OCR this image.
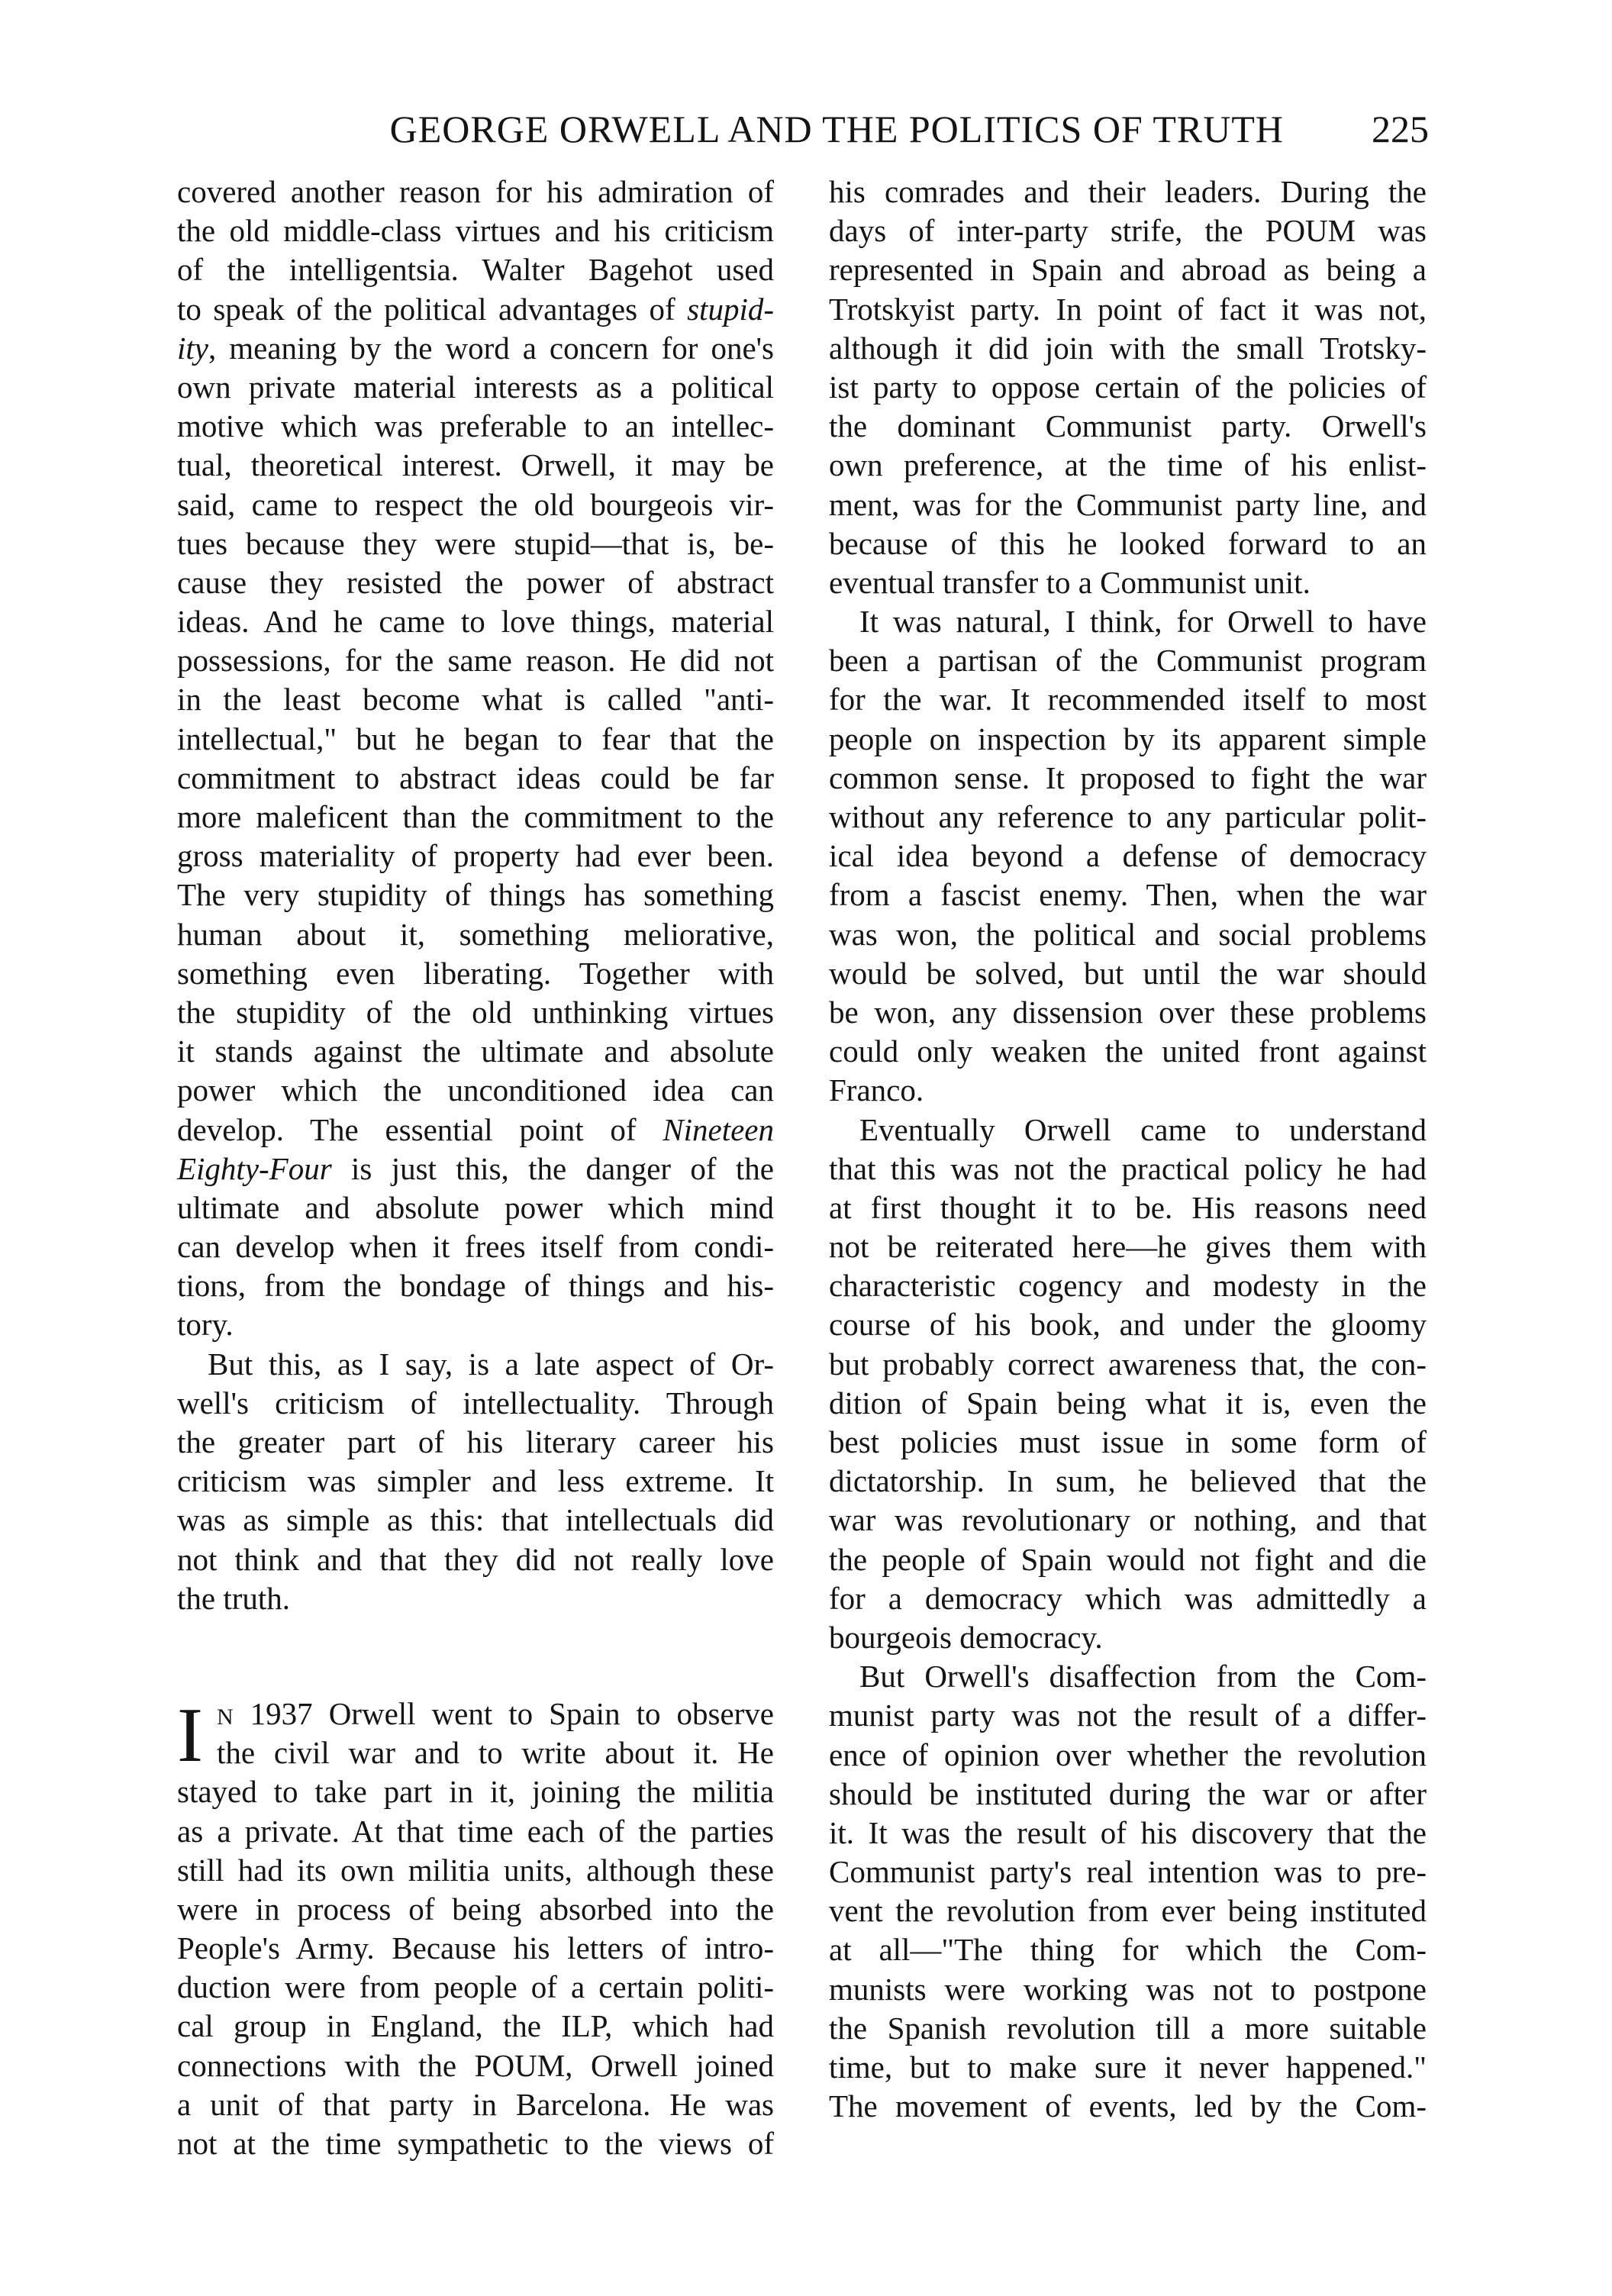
GEORGE ORWELL AND THE POLITICS OF TRUTH 225
covered another reason for his admiration of
the old middle-class virtues and his criticism
of the intelligentsia. Walter Bagehot used
to speak of the political advantages of stupid-
ity, meaning by the word a concern for one's
own private material interests as a political
motive which was preferable to an intellec-
tual, theoretical interest. Orwell, it may be
said, came to respect the old bourgeois vir-
tues because they were stupid—that is, be-
cause they resisted the power of abstract
ideas. And he came to love things, material
possessions, for the same reason. He did not
in the least become what is called "anti-
intellectual," but he began to fear that the
commitment to abstract ideas could be far
more maleficent than the commitment to the
gross materiality of property had ever been.
The very stupidity of things has something
human about it, something meliorative,
something even liberating. Together with
the stupidity of the old unthinking virtues
it stands against the ultimate and absolute
power which the unconditioned idea can
develop. The essential point of Nineteen
Eighty-Four is just this, the danger of the
ultimate and absolute power which mind
can develop when it frees itself from condi-
tions, from the bondage of things and his-
tory.
But this, as I say, is a late aspect of Or-
well's criticism of intellectuality. Through
the greater part of his literary career his
criticism was simpler and less extreme. It
was as simple as this: that intellectuals did
not think and that they did not really love
the truth.
I N 1937 Orwell went to Spain to observe
the civil war and to write about it. He
stayed to take part in it, joining the militia
as a private. At that time each of the parties
still had its own militia units, although these
were in process of being absorbed into the
People's Army. Because his letters of intro-
duction were from people of a certain politi-
cal group in England, the ILP, which had
connections with the POUM, Orwell joined
a unit of that party in Barcelona. He was
not at the time sympathetic to the views of
his comrades and their leaders. During the
days of inter-party strife, the POUM was
represented in Spain and abroad as being a
Trotskyist party. In point of fact it was not,
although it did join with the small Trotsky-
ist party to oppose certain of the policies of
the dominant Communist party. Orwell's
own preference, at the time of his enlist-
ment, was for the Communist party line, and
because of this he looked forward to an
eventual transfer to a Communist unit.
It was natural, I think, for Orwell to have
been a partisan of the Communist program
for the war. It recommended itself to most
people on inspection by its apparent simple
common sense. It proposed to fight the war
without any reference to any particular polit-
ical idea beyond a defense of democracy
from a fascist enemy. Then, when the war
was won, the political and social problems
would be solved, but until the war should
be won, any dissension over these problems
could only weaken the united front against
Franco.
Eventually Orwell came to understand
that this was not the practical policy he had
at first thought it to be. His reasons need
not be reiterated here—he gives them with
characteristic cogency and modesty in the
course of his book, and under the gloomy
but probably correct awareness that, the con-
dition of Spain being what it is, even the
best policies must issue in some form of
dictatorship. In sum, he believed that the
war was revolutionary or nothing, and that
the people of Spain would not fight and die
for a democracy which was admittedly a
bourgeois democracy.
But Orwell's disaffection from the Com-
munist party was not the result of a differ-
ence of opinion over whether the revolution
should be instituted during the war or after
it. It was the result of his discovery that the
Communist party's real intention was to pre-
vent the revolution from ever being instituted
at all—"The thing for which the Com-
munists were working was not to postpone
the Spanish revolution till a more suitable
time, but to make sure it never happened."
The movement of events, led by the Com-
